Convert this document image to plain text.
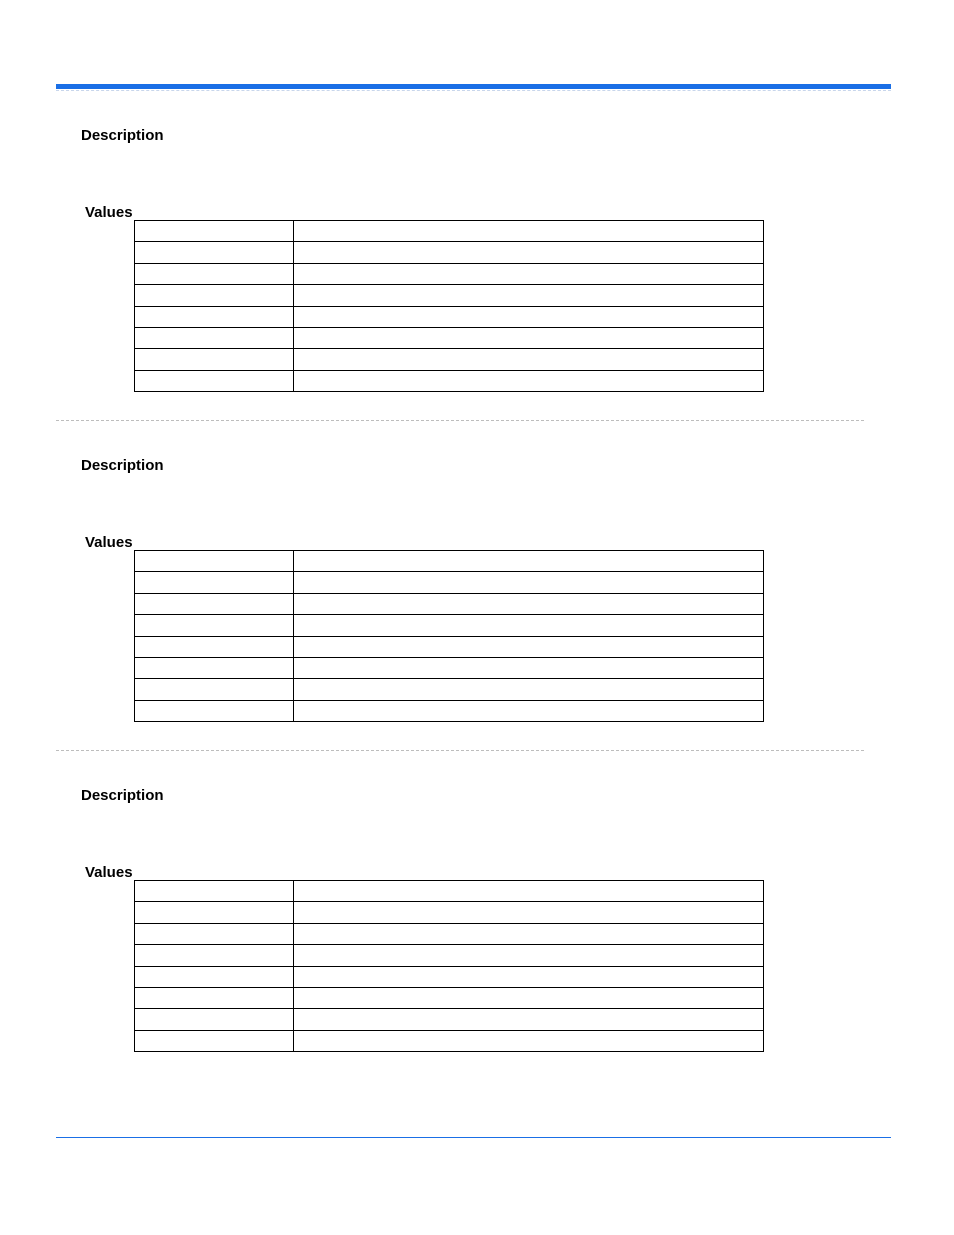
Description
Values

Description
Values

Description
Values
